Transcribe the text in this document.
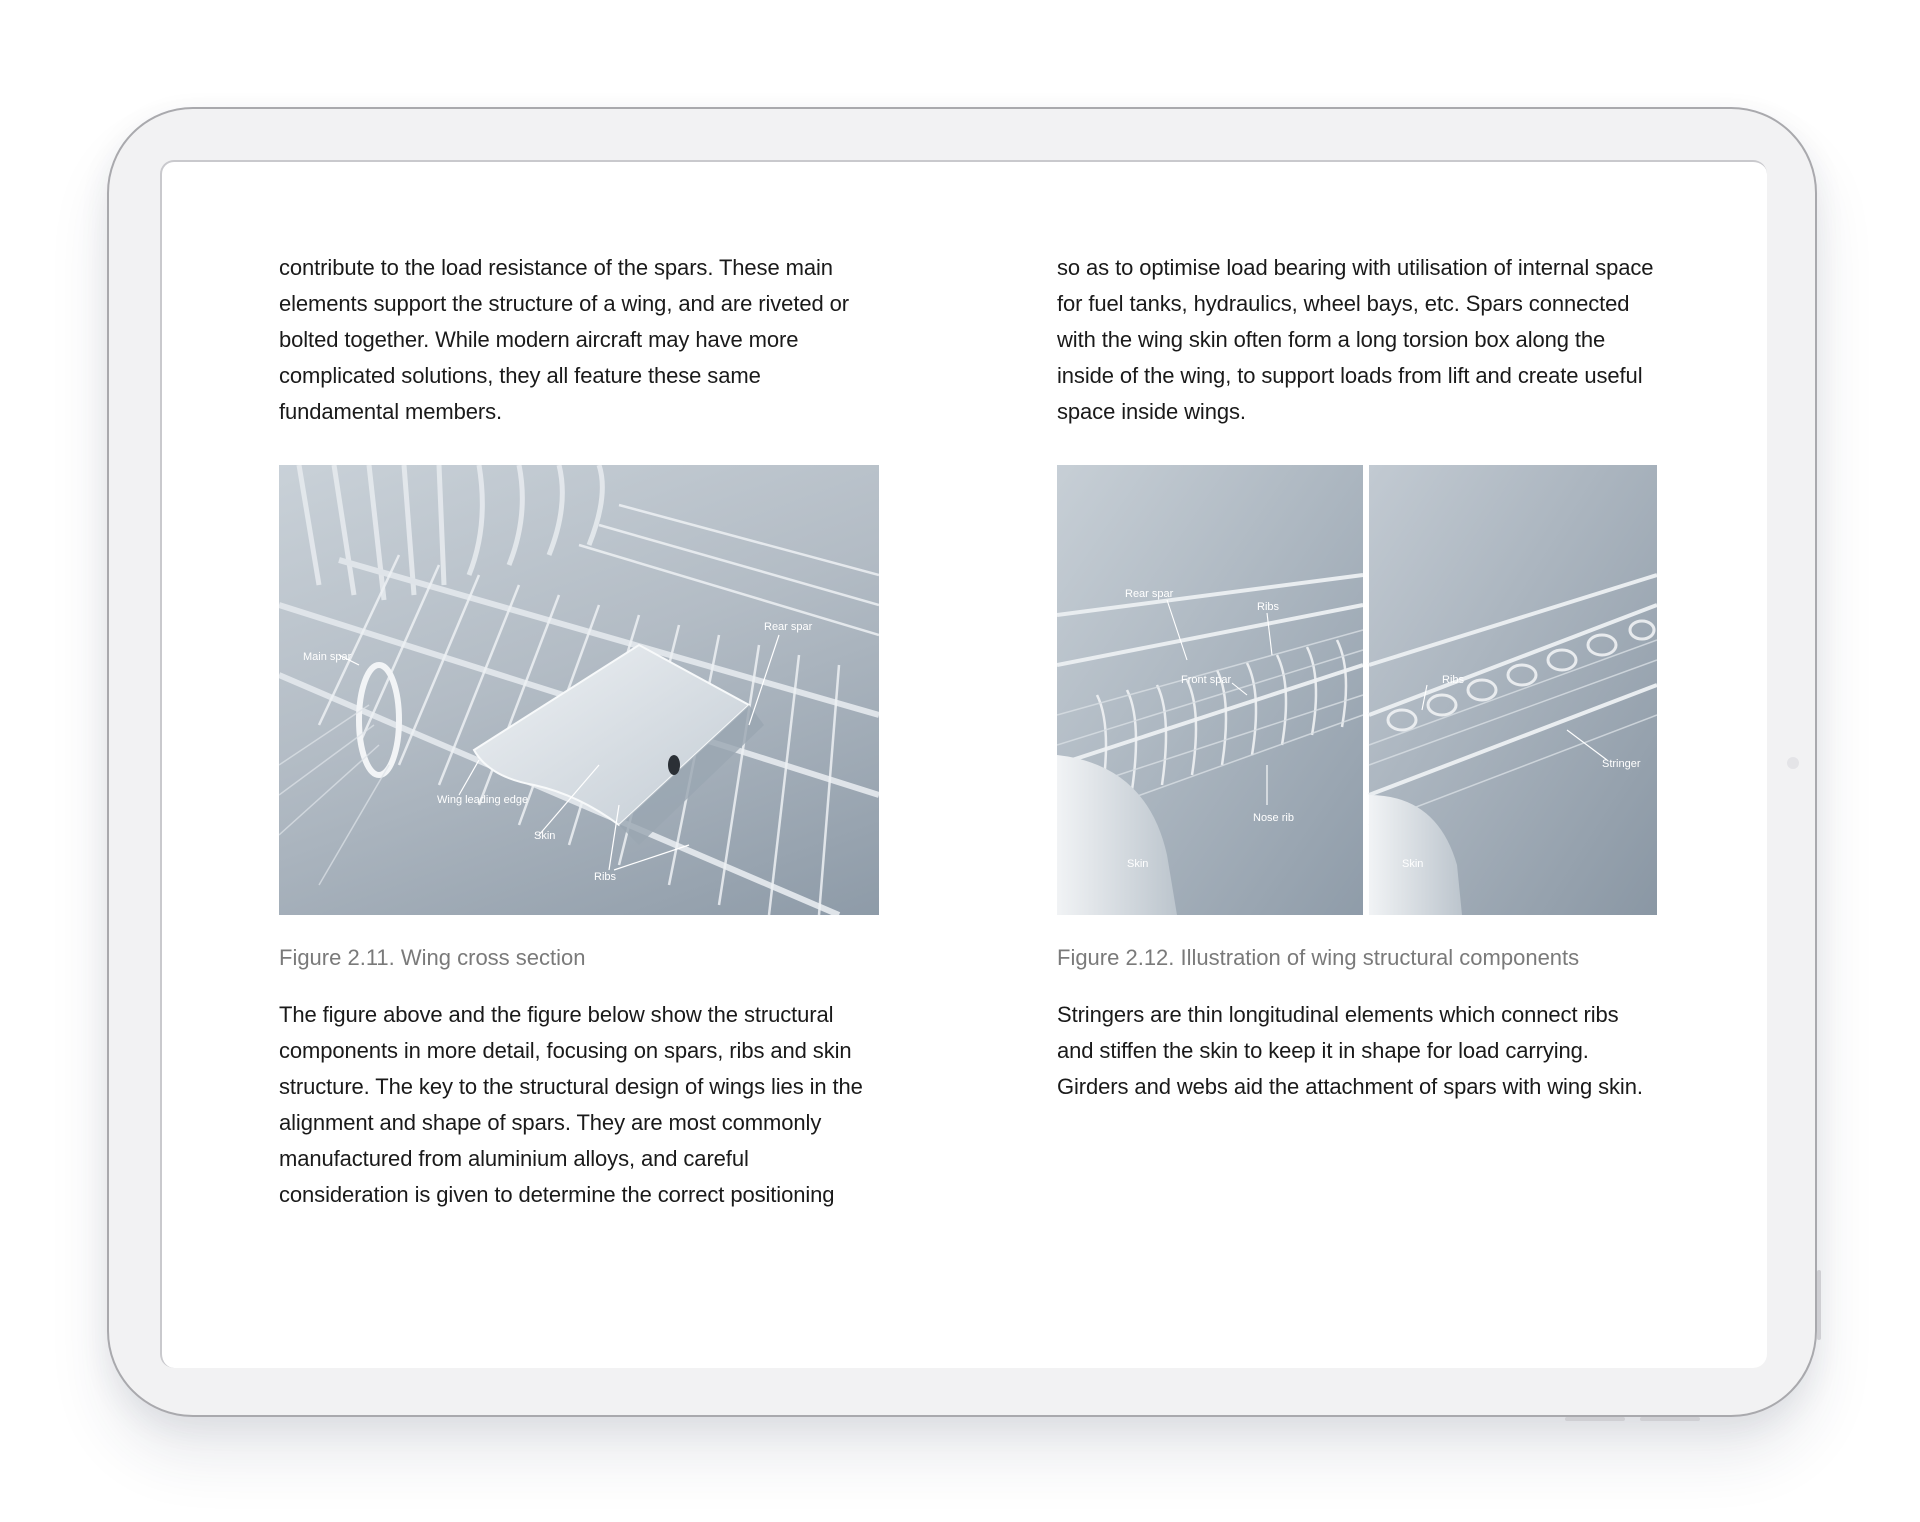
contribute to the load resistance of the spars. These main elements support the structure of a wing, and are riveted or bolted together. While modern aircraft may have more complicated solutions, they all feature these same fundamental members.

Main spar
Rear spar
Wing leading edge
Skin
Ribs

Figure 2.11. Wing cross section

The figure above and the figure below show the structural components in more detail, focusing on spars, ribs and skin structure. The key to the structural design of wings lies in the alignment and shape of spars. They are most commonly manufactured from aluminium alloys, and careful consideration is given to determine the correct positioning

so as to optimise load bearing with utilisation of internal space for fuel tanks, hydraulics, wheel bays, etc. Spars connected with the wing skin often form a long torsion box along the inside of the wing, to support loads from lift and create useful space inside wings.

Rear spar
Ribs
Front spar
Nose rib
Skin
Ribs
Stringer
Skin

Figure 2.12. Illustration of wing structural components

Stringers are thin longitudinal elements which connect ribs and stiffen the skin to keep it in shape for load carrying. Girders and webs aid the attachment of spars with wing skin.
